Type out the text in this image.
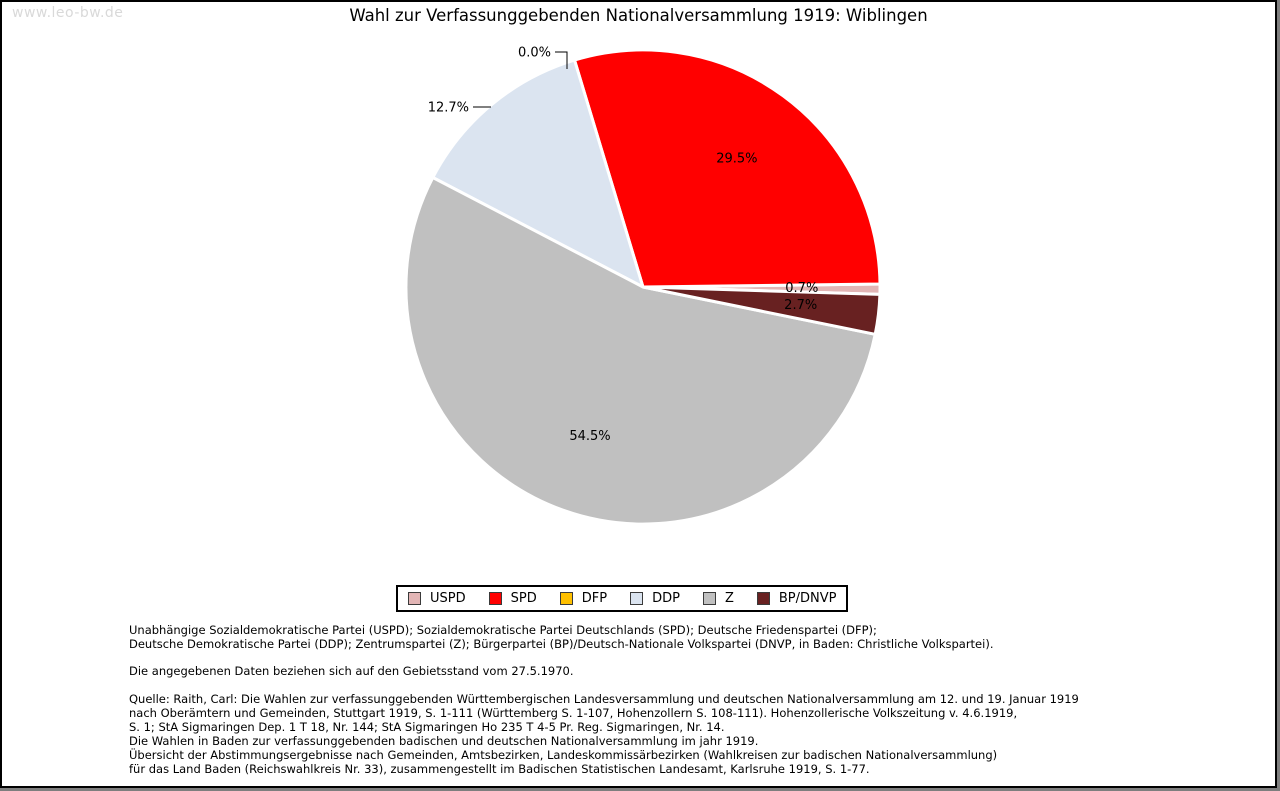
www.leo-bw.de	Wahl zur Verfassunggebenden Nationalversammlung 1919: Wiblingen
0.7%
29.5%
0.0%
12.7%
54.5%
2.7%
USPD	SPD	DFP	DDP	Z	BP/DNVP
Unabhängige Sozialdemokratische Partei (USPD); Sozialdemokratische Partei Deutschlands (SPD); Deutsche Friedenspartei (DFP);
Deutsche Demokratische Partei (DDP); Zentrumspartei (Z); Bürgerpartei (BP)/Deutsch-Nationale Volkspartei (DNVP, in Baden: Christliche Volkspartei).
Die angegebenen Daten beziehen sich auf den Gebietsstand vom 27.5.1970.
Quelle: Raith, Carl: Die Wahlen zur verfassunggebenden Württembergischen Landesversammlung und deutschen Nationalversammlung am 12. und 19. Januar 1919
nach Oberämtern und Gemeinden, Stuttgart 1919, S. 1-111 (Württemberg S. 1-107, Hohenzollern S. 108-111). Hohenzollerische Volkszeitung v. 4.6.1919,
S. 1; StA Sigmaringen Dep. 1 T 18, Nr. 144; StA Sigmaringen Ho 235 T 4-5 Pr. Reg. Sigmaringen, Nr. 14.
Die Wahlen in Baden zur verfassunggebenden badischen und deutschen Nationalversammlung im jahr 1919.
Übersicht der Abstimmungsergebnisse nach Gemeinden, Amtsbezirken, Landeskommissärbezirken (Wahlkreisen zur badischen Nationalversammlung)
für das Land Baden (Reichswahlkreis Nr. 33), zusammengestellt im Badischen Statistischen Landesamt, Karlsruhe 1919, S. 1-77.
